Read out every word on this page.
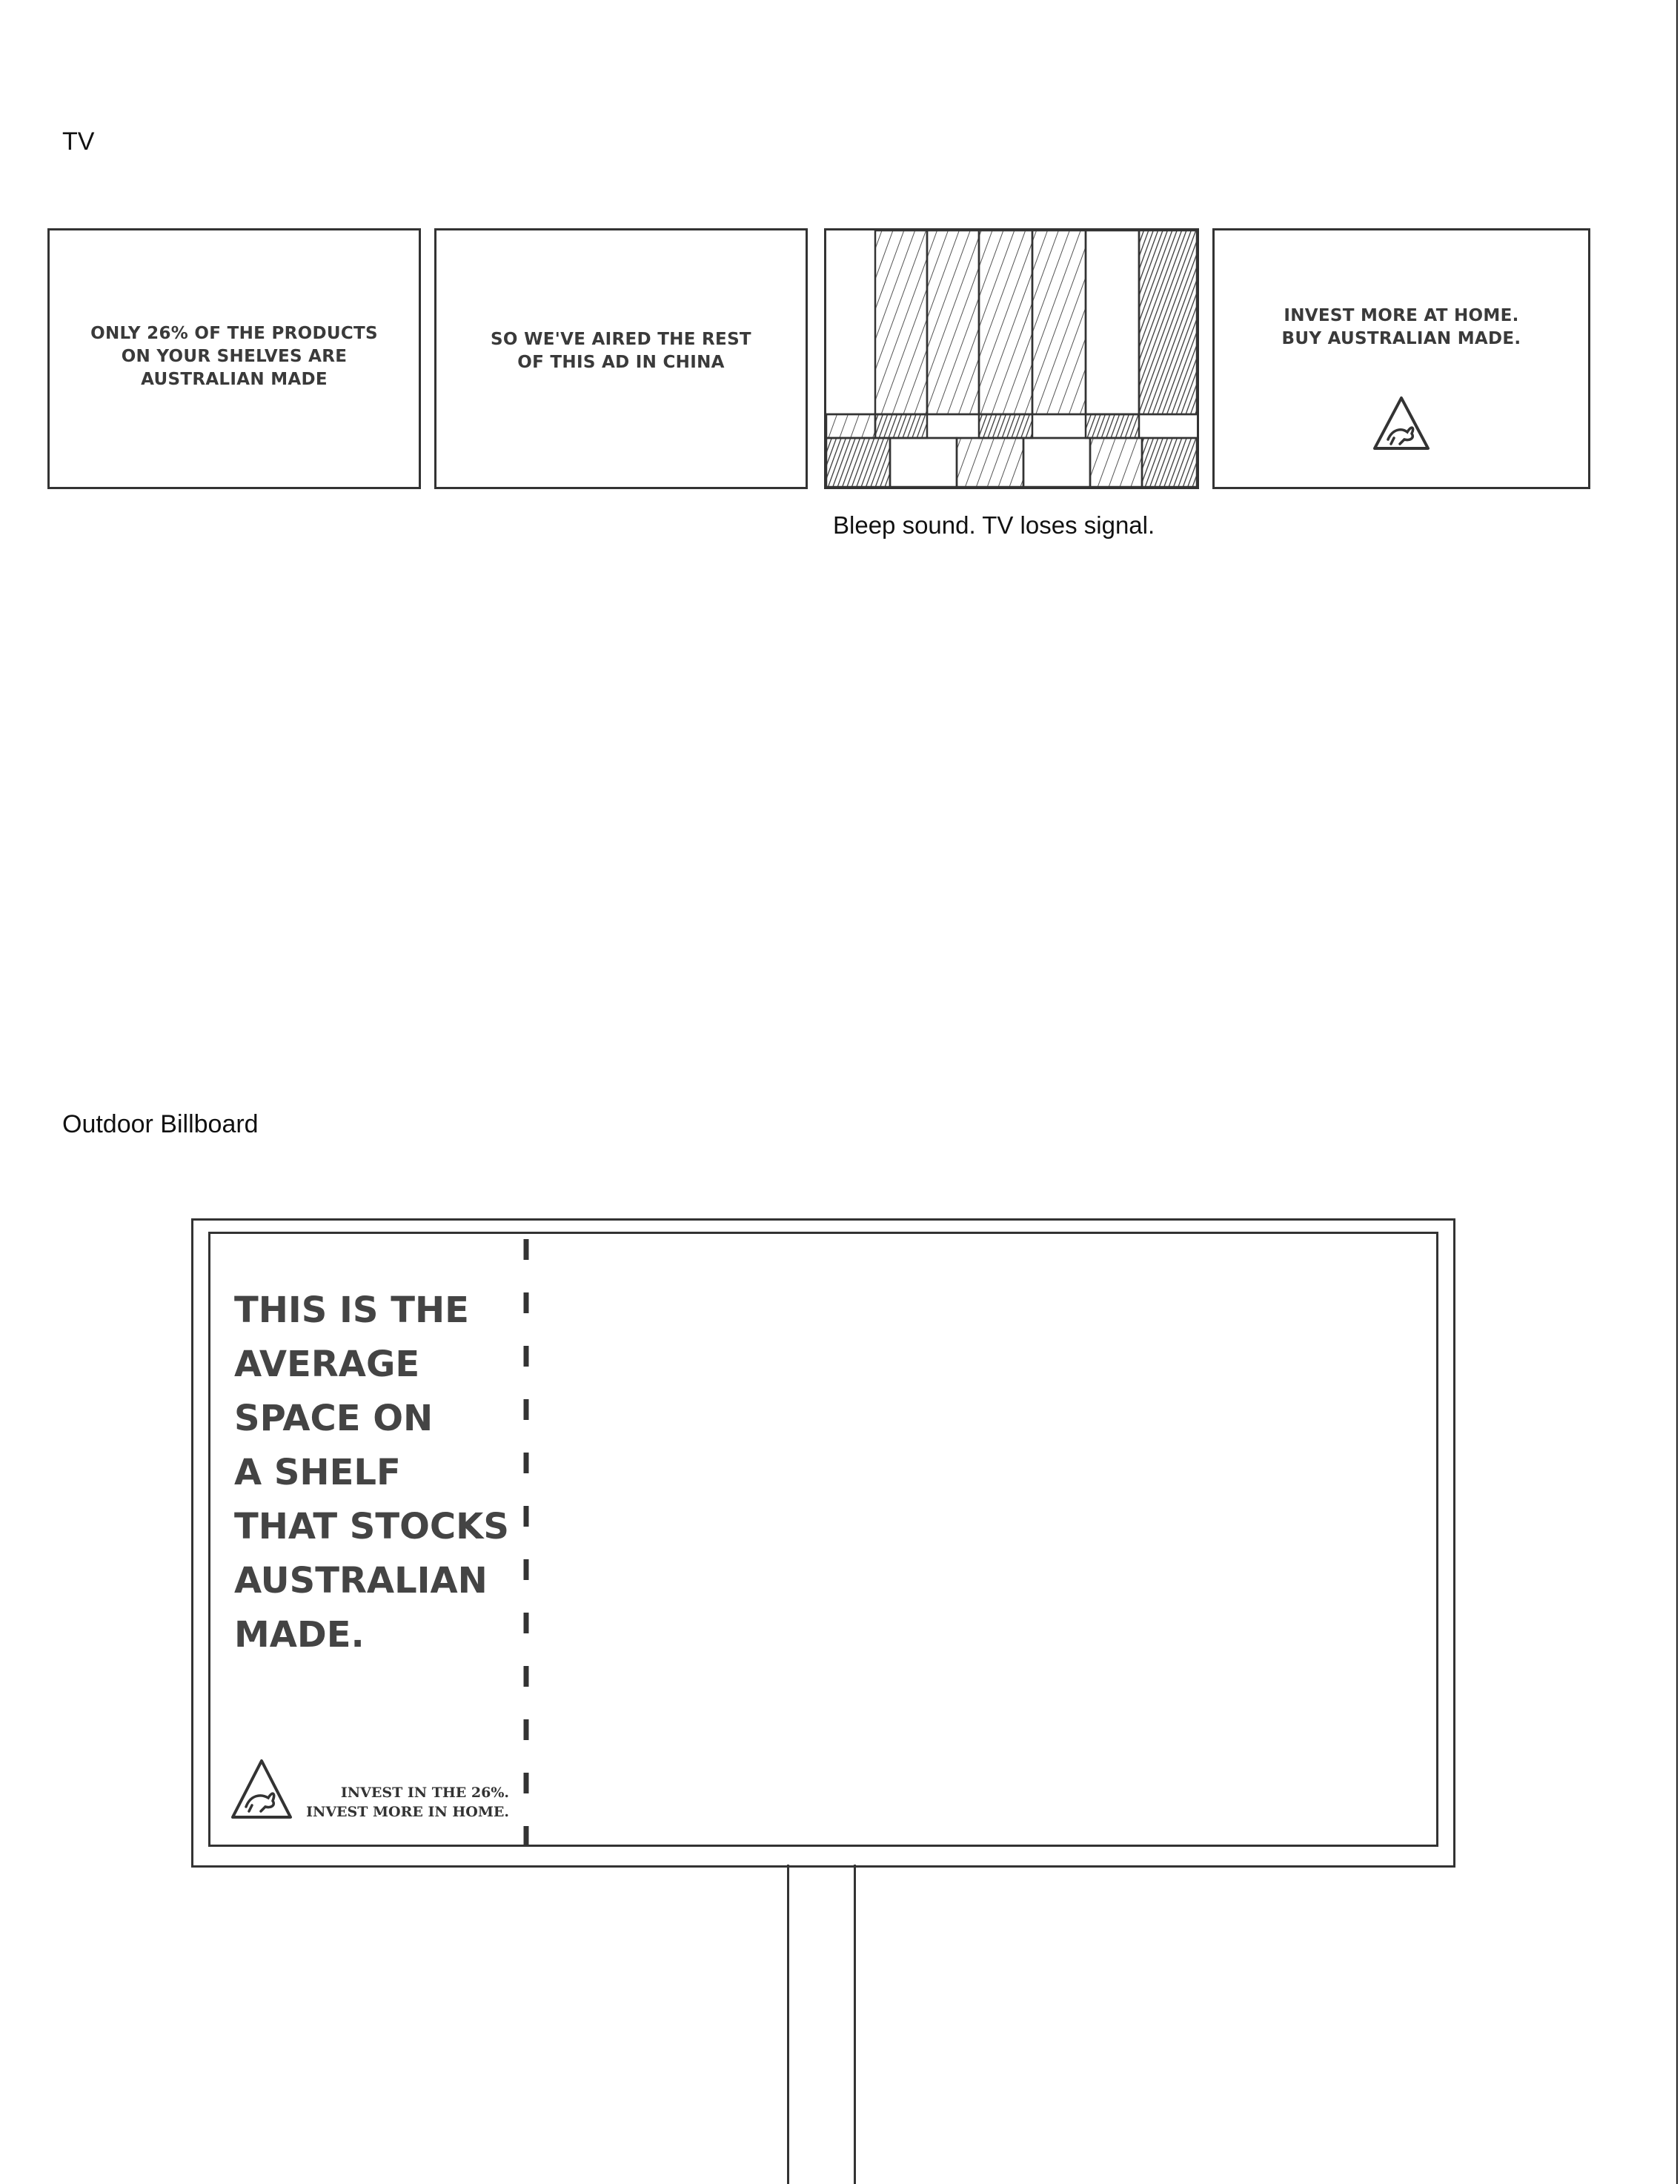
TV
ONLY 26% OF THE PRODUCTS
ON YOUR SHELVES ARE
AUSTRALIAN MADE
SO WE'VE AIRED THE REST
OF THIS AD IN CHINA
INVEST MORE AT HOME.
BUY AUSTRALIAN MADE.
Bleep sound. TV loses signal.
Outdoor Billboard
THIS IS THE
AVERAGE
SPACE ON
A SHELF
THAT STOCKS
AUSTRALIAN
MADE.
INVEST IN THE 26%.
INVEST MORE IN HOME.
